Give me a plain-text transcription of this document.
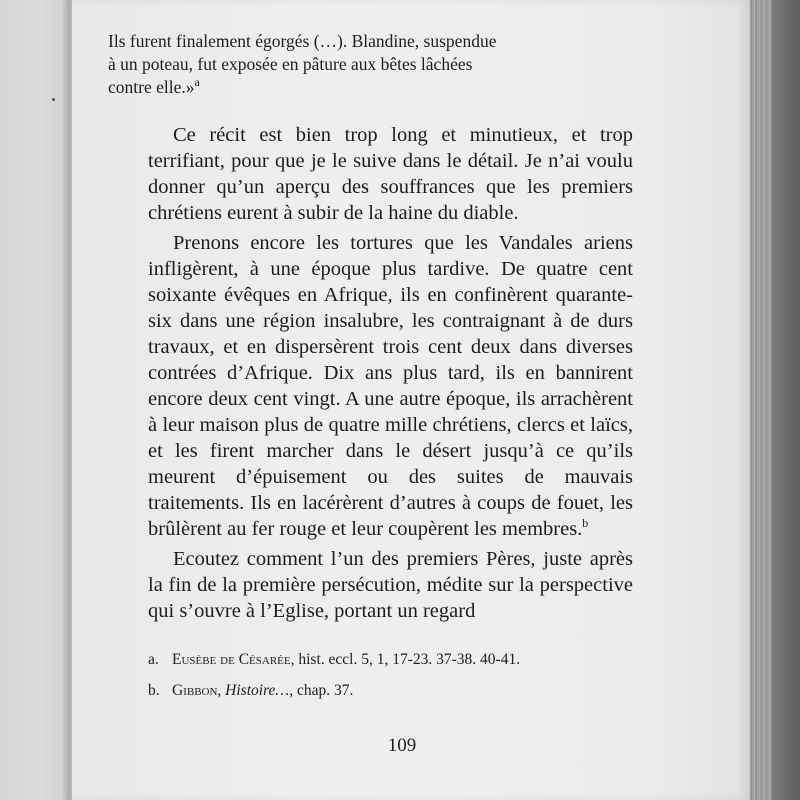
Ils furent finalement égorgés (…). Blandine, suspendue

à un poteau, fut exposée en pâture aux bêtes lâchées

contre elle.»$^a$

Ce récit est bien trop long et minutieux, et trop terrifiant, pour que je le suive dans le détail. Je n’ai voulu donner qu’un aperçu des souffrances que les premiers chrétiens eurent à subir de la haine du diable.

Prenons encore les tortures que les Vandales ariens infligèrent, à une époque plus tardive. De quatre cent soixante évêques en Afrique, ils en confinèrent quarante-six dans une région insalubre, les contraignant à de durs travaux, et en dispersèrent trois cent deux dans diverses contrées d’Afrique. Dix ans plus tard, ils en bannirent encore deux cent vingt. A une autre époque, ils arrachèrent à leur maison plus de quatre mille chrétiens, clercs et laïcs, et les firent marcher dans le désert jusqu’à ce qu’ils meurent d’épuisement ou des suites de mauvais traitements. Ils en lacérèrent d’autres à coups de fouet, les brûlèrent au fer rouge et leur coupèrent les membres.$^b$

Ecoutez comment l’un des premiers Pères, juste après la fin de la première persécution, médite sur la perspective qui s’ouvre à l’Eglise, portant un regard

a. Eusèbe de Césarée, hist. eccl. 5, 1, 17-23. 37-38. 40-41.
b. Gibbon, Histoire…, chap. 37.
109
